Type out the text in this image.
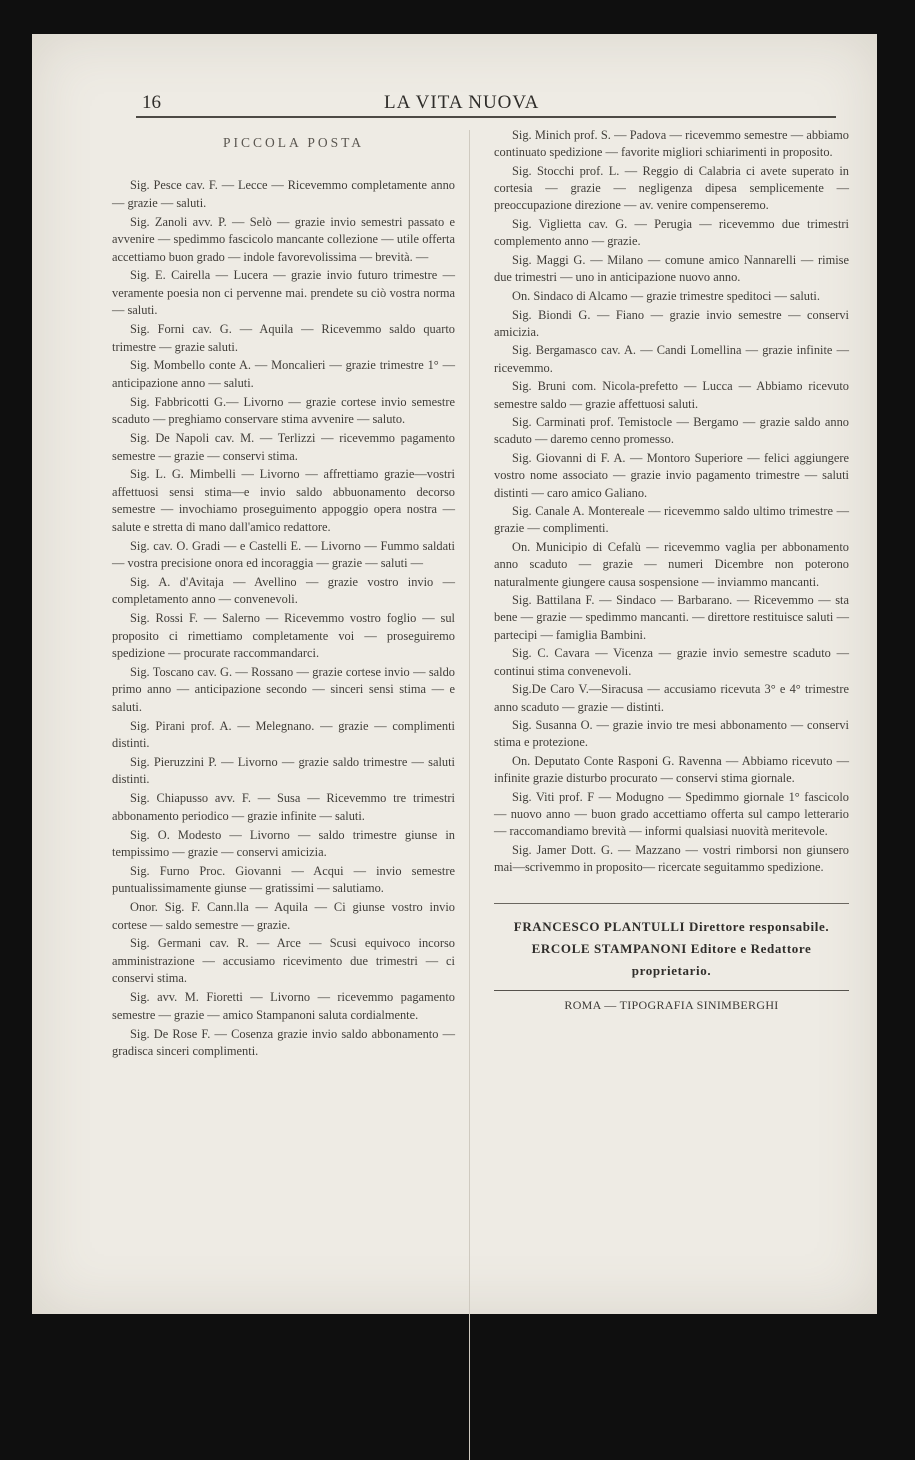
16	LA VITA NUOVA
PICCOLA POSTA

Sig. Pesce cav. F. — Lecce — Ricevemmo completamente anno — grazie — saluti.

Sig. Zanoli avv. P. — Selò — grazie invio semestri passato e avvenire — spedimmo fascicolo mancante collezione — utile offerta accettiamo buon grado — indole favorevolissima — brevità. —

Sig. E. Cairella — Lucera — grazie invio futuro trimestre — veramente poesia non ci pervenne mai. prendete su ciò vostra norma — saluti.

Sig. Forni cav. G. — Aquila — Ricevemmo saldo quarto trimestre — grazie saluti.

Sig. Mombello conte A. — Moncalieri — grazie trimestre 1° — anticipazione anno — saluti.

Sig. Fabbricotti G.— Livorno — grazie cortese invio semestre scaduto — preghiamo conservare stima avvenire — saluto.

Sig. De Napoli cav. M. — Terlizzi — ricevemmo pagamento semestre — grazie — conservi stima.

Sig. L. G. Mimbelli — Livorno — affrettiamo grazie—vostri affettuosi sensi stima—e invio saldo abbuonamento decorso semestre — invochiamo proseguimento appoggio opera nostra — salute e stretta di mano dall'amico redattore.

Sig. cav. O. Gradi — e Castelli E. — Livorno — Fummo saldati — vostra precisione onora ed incoraggia — grazie — saluti —

Sig. A. d'Avitaja — Avellino — grazie vostro invio — completamento anno — convenevoli.

Sig. Rossi F. — Salerno — Ricevemmo vostro foglio — sul proposito ci rimettiamo completamente voi — proseguiremo spedizione — procurate raccommandarci.

Sig. Toscano cav. G. — Rossano — grazie cortese invio — saldo primo anno — anticipazione secondo — sinceri sensi stima — e saluti.

Sig. Pirani prof. A. — Melegnano. — grazie — complimenti distinti.

Sig. Pieruzzini P. — Livorno — grazie saldo trimestre — saluti distinti.

Sig. Chiapusso avv. F. — Susa — Ricevemmo tre trimestri abbonamento periodico — grazie infinite — saluti.

Sig. O. Modesto — Livorno — saldo trimestre giunse in tempissimo — grazie — conservi amicizia.

Sig. Furno Proc. Giovanni — Acqui — invio semestre puntualissimamente giunse — gratissimi — salutiamo.

Onor. Sig. F. Cann.lla — Aquila — Ci giunse vostro invio cortese — saldo semestre — grazie.

Sig. Germani cav. R. — Arce — Scusi equivoco incorso amministrazione — accusiamo ricevimento due trimestri — ci conservi stima.

Sig. avv. M. Fioretti — Livorno — ricevemmo pagamento semestre — grazie — amico Stampanoni saluta cordialmente.

Sig. De Rose F. — Cosenza grazie invio saldo abbonamento — gradisca sinceri complimenti.

Sig. Minich prof. S. — Padova — ricevemmo semestre — abbiamo continuato spedizione — favorite migliori schiarimenti in proposito.

Sig. Stocchi prof. L. — Reggio di Calabria ci avete superato in cortesia — grazie — negligenza dipesa semplicemente — preoccupazione direzione — av. venire compenseremo.

Sig. Viglietta cav. G. — Perugia — ricevemmo due trimestri complemento anno — grazie.

Sig. Maggi G. — Milano — comune amico Nannarelli — rimise due trimestri — uno in anticipazione nuovo anno.

On. Sindaco di Alcamo — grazie trimestre speditoci — saluti.

Sig. Biondi G. — Fiano — grazie invio semestre — conservi amicizia.

Sig. Bergamasco cav. A. — Candi Lomellina — grazie infinite — ricevemmo.

Sig. Bruni com. Nicola-prefetto — Lucca — Abbiamo ricevuto semestre saldo — grazie affettuosi saluti.

Sig. Carminati prof. Temistocle — Bergamo — grazie saldo anno scaduto — daremo cenno promesso.

Sig. Giovanni di F. A. — Montoro Superiore — felici aggiungere vostro nome associato — grazie invio pagamento trimestre — saluti distinti — caro amico Galiano.

Sig. Canale A. Montereale — ricevemmo saldo ultimo trimestre — grazie — complimenti.

On. Municipio di Cefalù — ricevemmo vaglia per abbonamento anno scaduto — grazie — numeri Dicembre non poterono naturalmente giungere causa sospensione — inviammo mancanti.

Sig. Battilana F. — Sindaco — Barbarano. — Ricevemmo — sta bene — grazie — spedimmo mancanti. — direttore restituisce saluti — partecipi — famiglia Bambini.

Sig. C. Cavara — Vicenza — grazie invio semestre scaduto — continui stima convenevoli.

Sig.De Caro V.—Siracusa — accusiamo ricevuta 3° e 4° trimestre anno scaduto — grazie — distinti.

Sig. Susanna O. — grazie invio tre mesi abbonamento — conservi stima e protezione.

On. Deputato Conte Rasponi G. Ravenna — Abbiamo ricevuto — infinite grazie disturbo procurato — conservi stima giornale.

Sig. Viti prof. F — Modugno — Spedimmo giornale 1° fascicolo — nuovo anno — buon grado accettiamo offerta sul campo letterario — raccomandiamo brevità — informi qualsiasi nuovità meritevole.

Sig. Jamer Dott. G. — Mazzano — vostri rimborsi non giunsero mai—scrivemmo in proposito— ricercate seguitammo spedizione.

FRANCESCO PLANTULLI Direttore responsabile.
ERCOLE STAMPANONI Editore e Redattore proprietario.
ROMA — TIPOGRAFIA SINIMBERGHI
